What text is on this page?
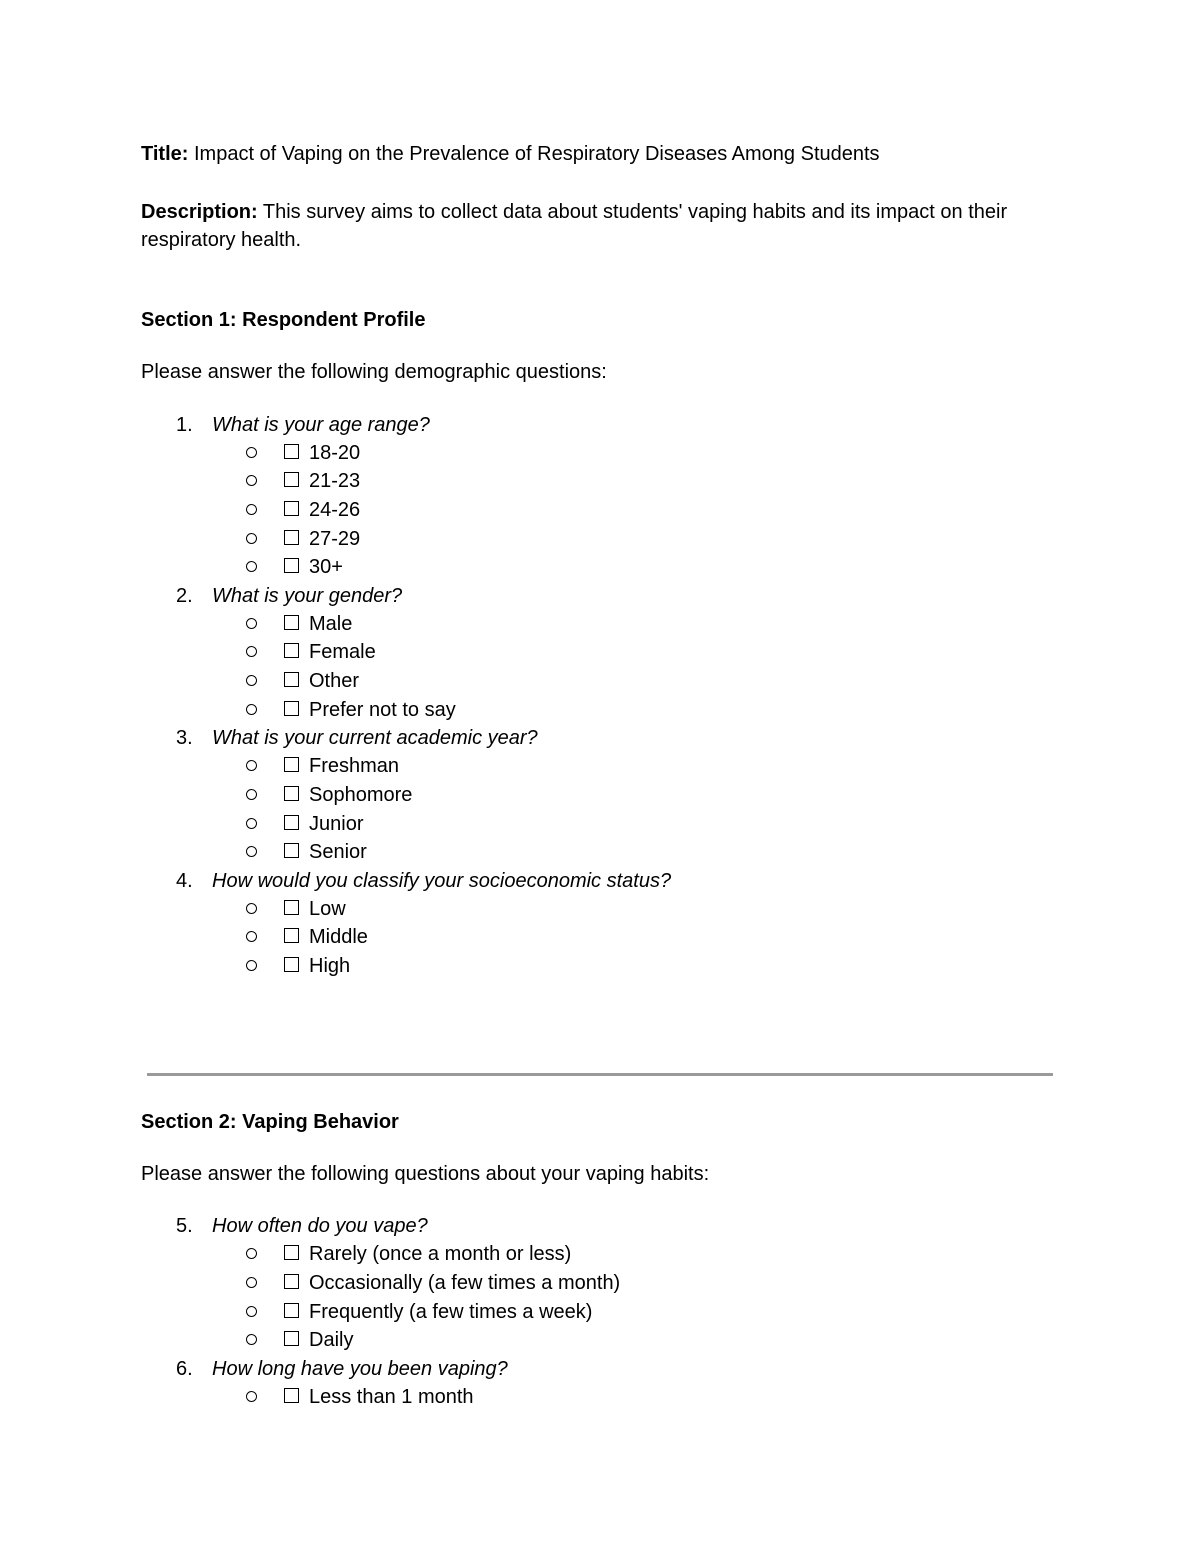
Title: Impact of Vaping on the Prevalence of Respiratory Diseases Among Students
Description: This survey aims to collect data about students' vaping habits and its impact on their respiratory health.
Section 1: Respondent Profile
Please answer the following demographic questions:
1. What is your age range?
18-20
21-23
24-26
27-29
30+
2. What is your gender?
Male
Female
Other
Prefer not to say
3. What is your current academic year?
Freshman
Sophomore
Junior
Senior
4. How would you classify your socioeconomic status?
Low
Middle
High
Section 2: Vaping Behavior
Please answer the following questions about your vaping habits:
5. How often do you vape?
Rarely (once a month or less)
Occasionally (a few times a month)
Frequently (a few times a week)
Daily
6. How long have you been vaping?
Less than 1 month
